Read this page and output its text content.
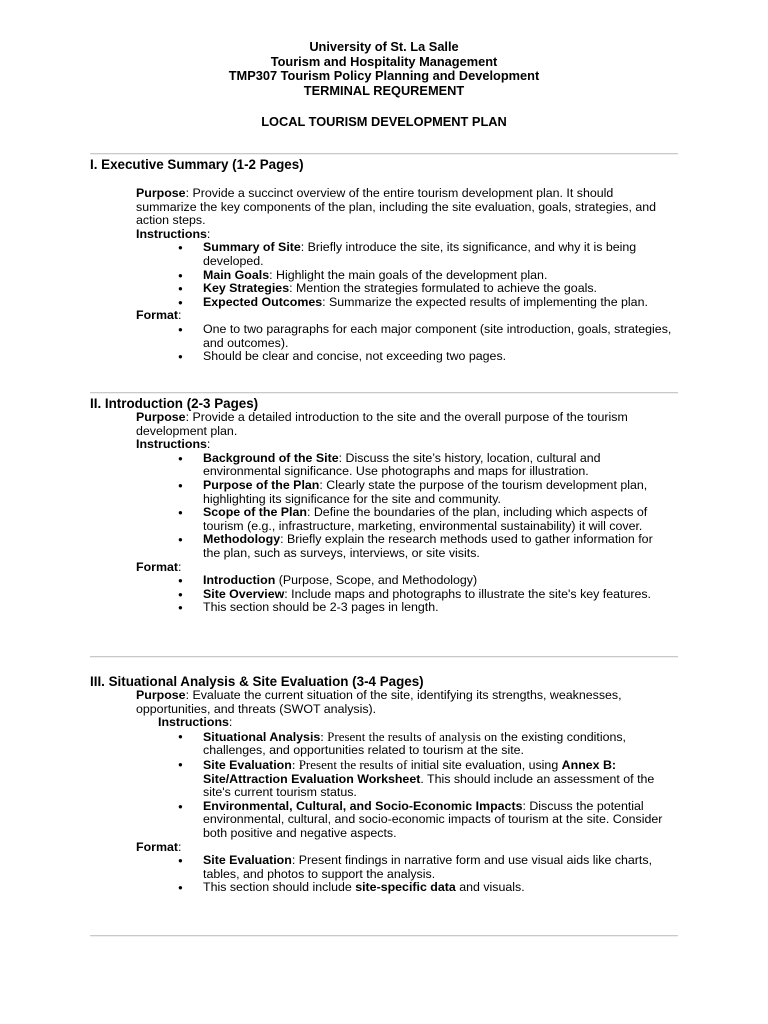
University of St. La Salle
Tourism and Hospitality Management
TMP307 Tourism Policy Planning and Development
TERMINAL REQUREMENT
LOCAL TOURISM DEVELOPMENT PLAN
I. Executive Summary (1-2 Pages)
Purpose: Provide a succinct overview of the entire tourism development plan. It should summarize the key components of the plan, including the site evaluation, goals, strategies, and action steps.
Instructions:
● Summary of Site: Briefly introduce the site, its significance, and why it is being developed.
● Main Goals: Highlight the main goals of the development plan.
● Key Strategies: Mention the strategies formulated to achieve the goals.
● Expected Outcomes: Summarize the expected results of implementing the plan.
Format:
● One to two paragraphs for each major component (site introduction, goals, strategies, and outcomes).
● Should be clear and concise, not exceeding two pages.
II. Introduction (2-3 Pages)
Purpose: Provide a detailed introduction to the site and the overall purpose of the tourism development plan.
Instructions:
● Background of the Site: Discuss the site’s history, location, cultural and environmental significance. Use photographs and maps for illustration.
● Purpose of the Plan: Clearly state the purpose of the tourism development plan, highlighting its significance for the site and community.
● Scope of the Plan: Define the boundaries of the plan, including which aspects of tourism (e.g., infrastructure, marketing, environmental sustainability) it will cover.
● Methodology: Briefly explain the research methods used to gather information for the plan, such as surveys, interviews, or site visits.
Format:
● Introduction (Purpose, Scope, and Methodology)
● Site Overview: Include maps and photographs to illustrate the site's key features.
● This section should be 2-3 pages in length.
III. Situational Analysis & Site Evaluation (3-4 Pages)
Purpose: Evaluate the current situation of the site, identifying its strengths, weaknesses, opportunities, and threats (SWOT analysis).
Instructions:
● Situational Analysis: Present the results of analysis on the existing conditions, challenges, and opportunities related to tourism at the site.
● Site Evaluation: Present the results of initial site evaluation, using Annex B: Site/Attraction Evaluation Worksheet. This should include an assessment of the site's current tourism status.
● Environmental, Cultural, and Socio-Economic Impacts: Discuss the potential environmental, cultural, and socio-economic impacts of tourism at the site. Consider both positive and negative aspects.
Format:
● Site Evaluation: Present findings in narrative form and use visual aids like charts, tables, and photos to support the analysis.
● This section should include site-specific data and visuals.
